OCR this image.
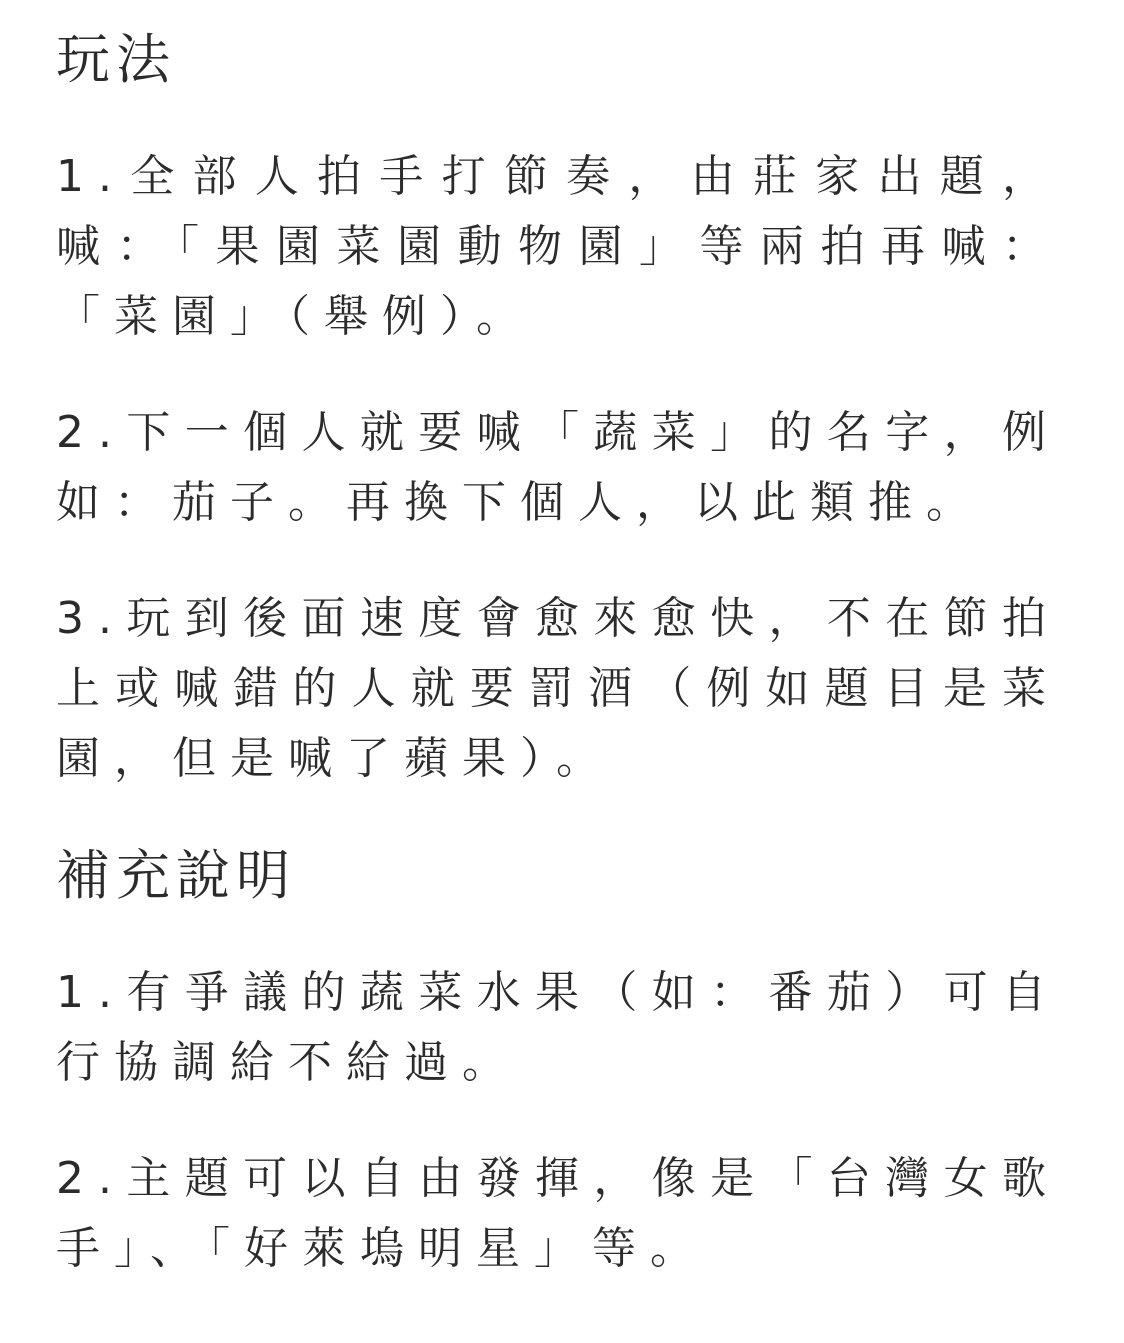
玩法

1.全部人拍手打節奏，由莊家出題，喊：「果園菜園動物園」等兩拍再喊：「菜園」（舉例）。

2.下一個人就要喊「蔬菜」的名字，例如：茄子。再換下個人，以此類推。

3.玩到後面速度會愈來愈快，不在節拍上或喊錯的人就要罰酒（例如題目是菜園，但是喊了蘋果）。

補充說明

1.有爭議的蔬菜水果（如：番茄）可自行協調給不給過。

2.主題可以自由發揮，像是「台灣女歌手」、「好萊塢明星」等。
